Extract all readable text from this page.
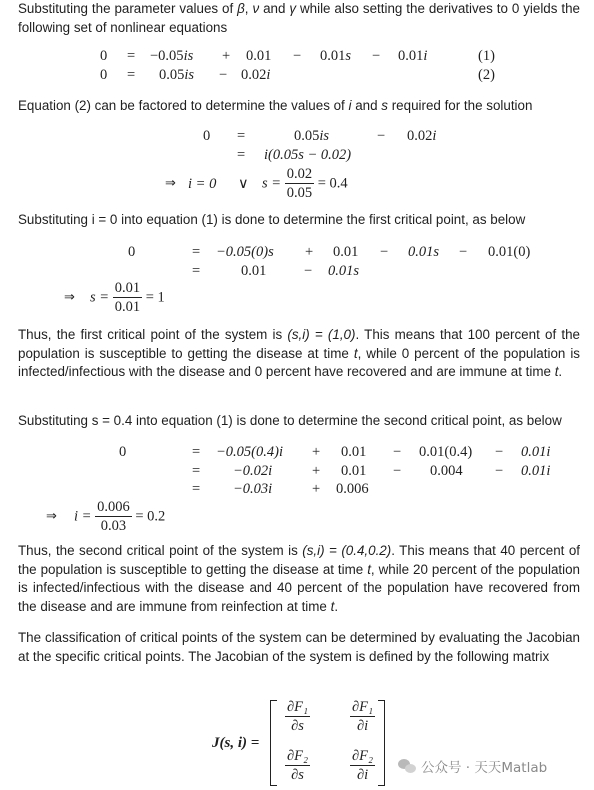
Substituting the parameter values of β, ν and γ while also setting the derivatives to 0 yields the following set of nonlinear equations

0 = −0.05is + 0.01 − 0.01s − 0.01i	(1)
0 = 0.05is − 0.02i	(2)

Equation (2) can be factored to determine the values of i and s required for the solution

0 =	0.05is	− 0.02i
= i(0.05s − 0.02)
⇒ i = 0 ∨ $s = \frac{0.02}{0.05} = 0.4$

Substituting i = 0 into equation (1) is done to determine the first critical point, as below

0	= −0.05(0)s + 0.01 − 0.01s − 0.01(0)
=	0.01	− 0.01s
⇒ $s = \frac{0.01}{0.01} = 1$

Thus, the first critical point of the system is (s,i) = (1,0). This means that 100 percent of the population is susceptible to getting the disease at time t, while 0 percent of the population is infected/infectious with the disease and 0 percent have recovered and are immune at time t.

Substituting s = 0.4 into equation (1) is done to determine the second critical point, as below

0	= −0.05(0.4)i + 0.01 − 0.01(0.4) − 0.01i
= −0.02i	+ 0.01 − 0.004 − 0.01i
= −0.03i	+ 0.006
⇒ $i = \frac{0.006}{0.03} = 0.2$

Thus, the second critical point of the system is (s,i) = (0.4,0.2). This means that 40 percent of the population is susceptible to getting the disease at time t, while 20 percent of the population is infected/infectious with the disease and 40 percent of the population have recovered from the disease and are immune from reinfection at time t.

The classification of critical points of the system can be determined by evaluating the Jacobian at the specific critical points. The Jacobian of the system is defined by the following matrix

J(s, i) =
$\frac{\text{∂F₁}}{\partial s}$	$\frac{\text{∂F₁}}{\partial i}$
$\frac{\text{∂F₂}}{\partial s}$	$\frac{\text{∂F₂}}{\partial i}$	公众号 · 天天Matlab
